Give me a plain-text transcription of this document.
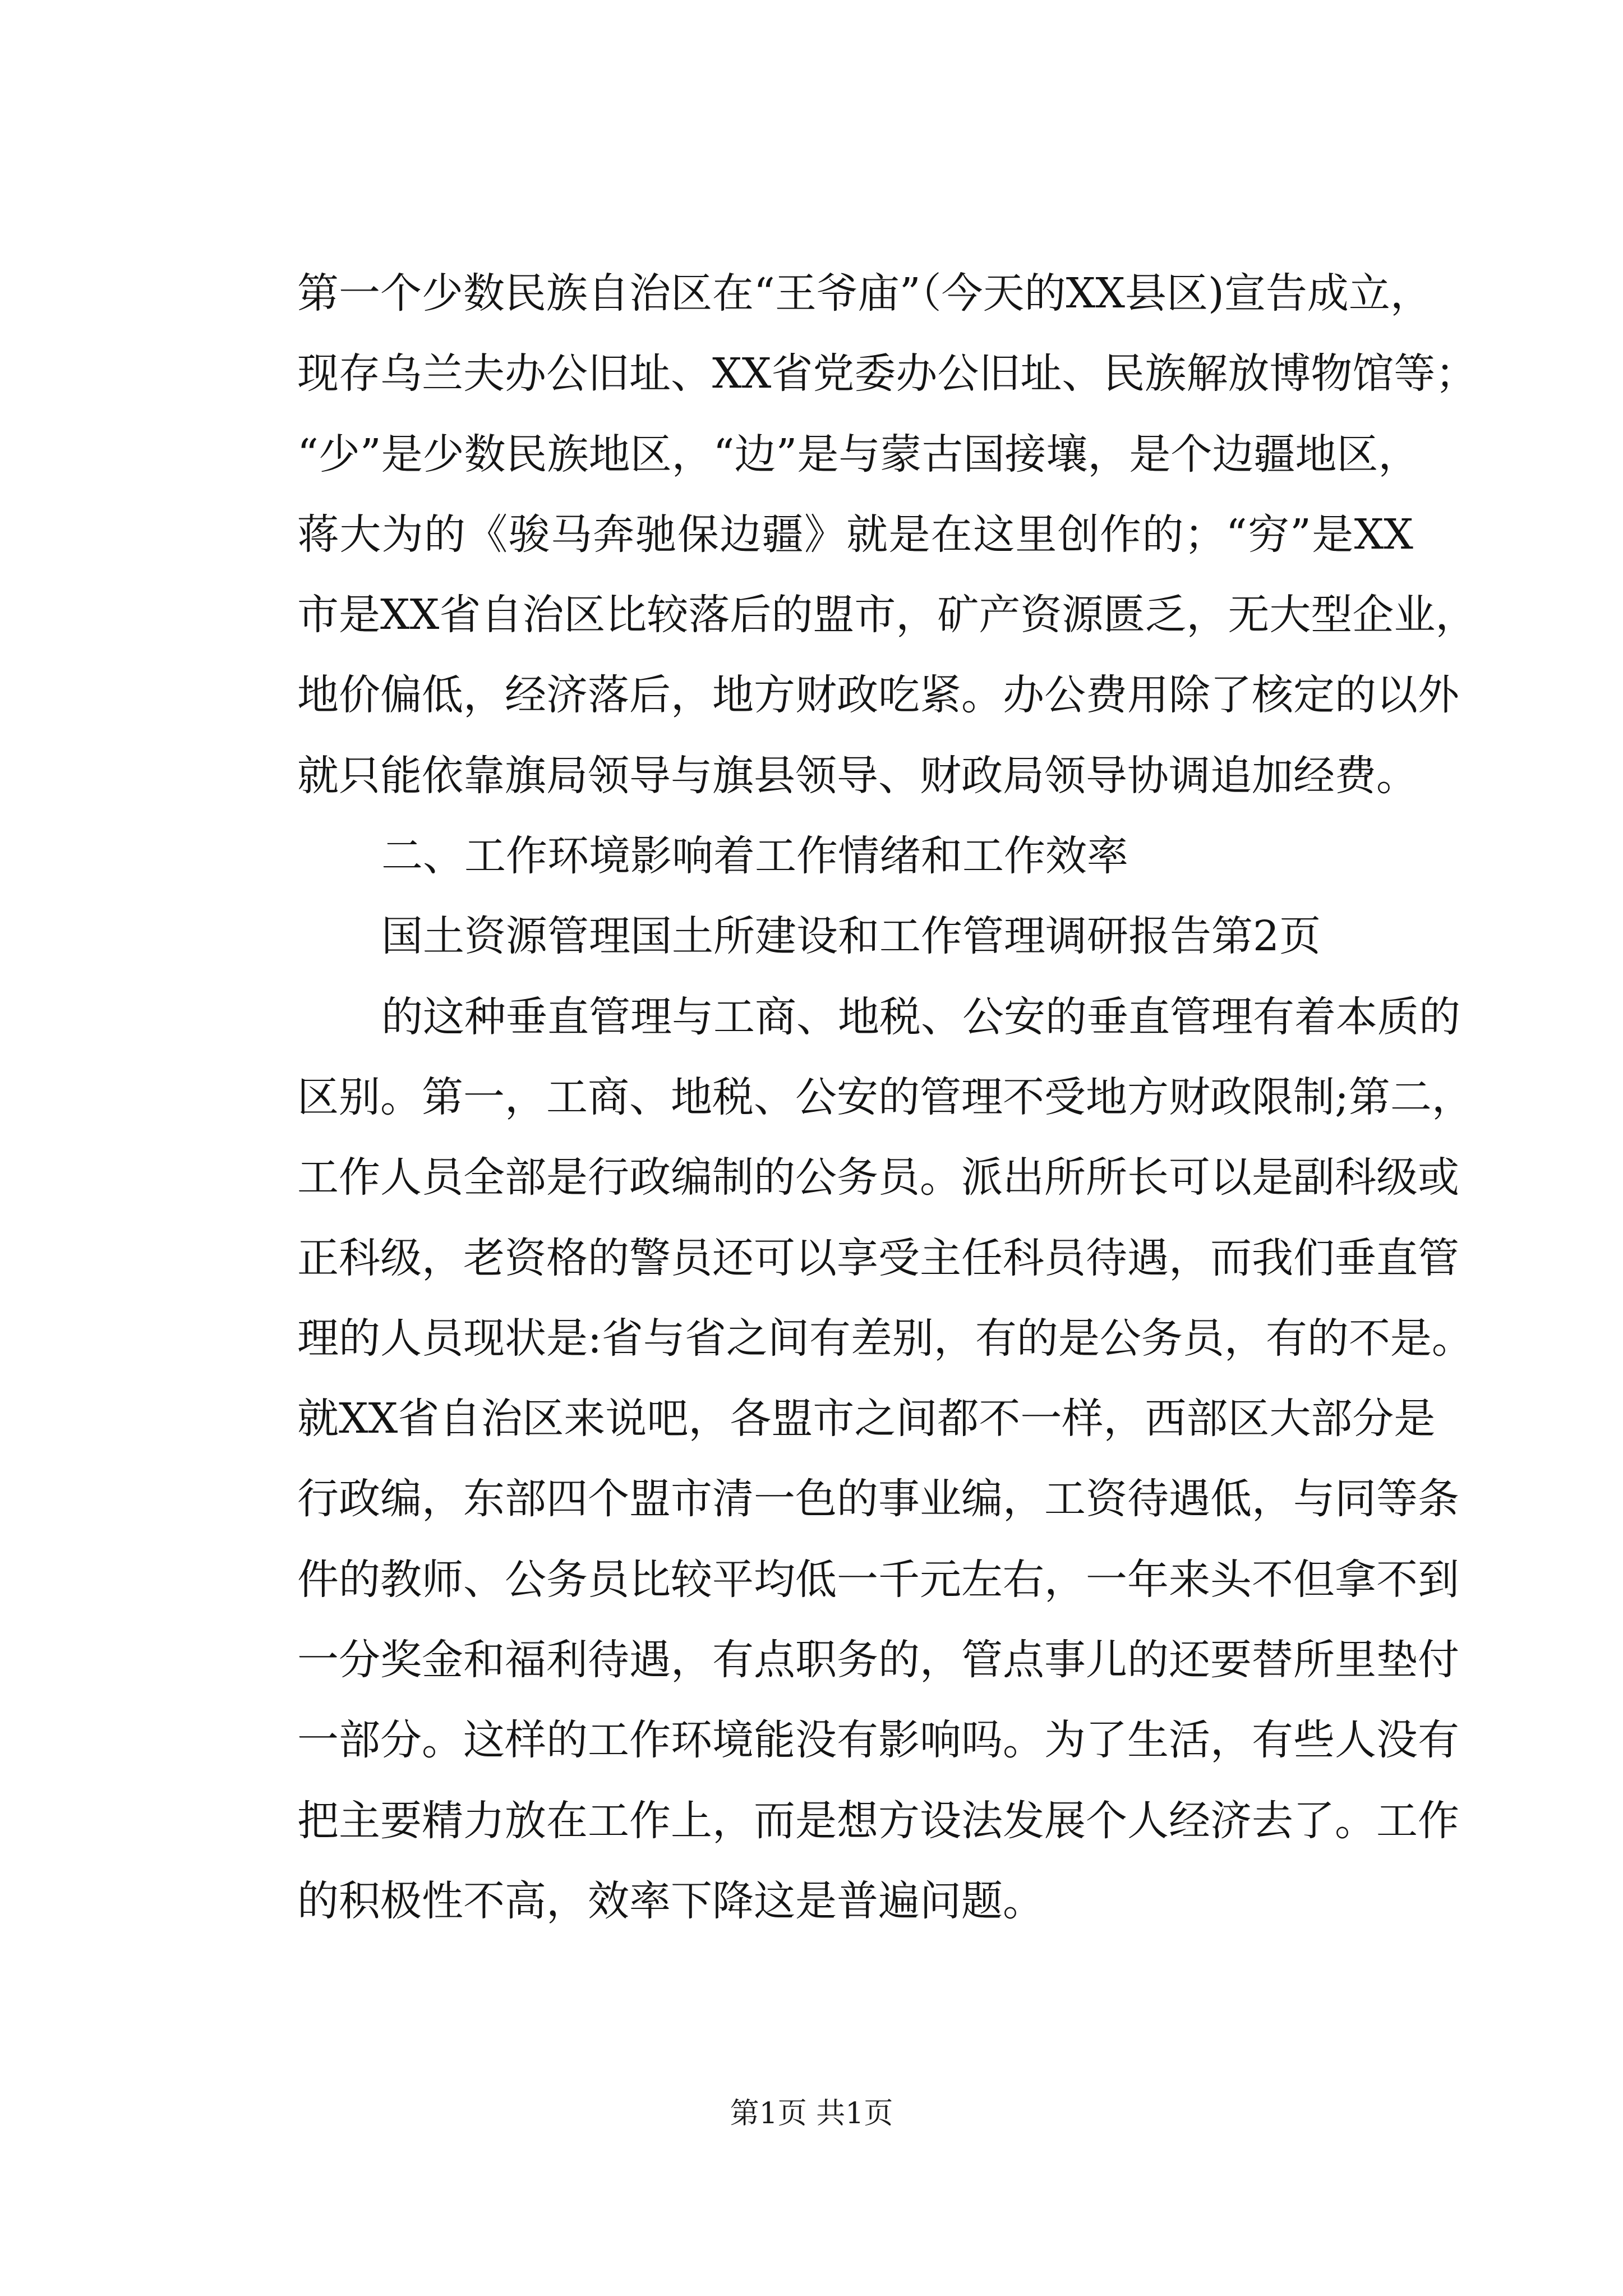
第一个少数民族自治区在“王爷庙”（今天的XX县区)宣告成立，
现存乌兰夫办公旧址、XX省党委办公旧址、民族解放博物馆等；
“少”是少数民族地区，“边”是与蒙古国接壤，是个边疆地区，
蒋大为的《骏马奔驰保边疆》就是在这里创作的；“穷”是XX
市是XX省自治区比较落后的盟市，矿产资源匮乏，无大型企业，
地价偏低，经济落后，地方财政吃紧。办公费用除了核定的以外
就只能依靠旗局领导与旗县领导、财政局领导协调追加经费。
二、工作环境影响着工作情绪和工作效率
国土资源管理国土所建设和工作管理调研报告第2页
的这种垂直管理与工商、地税、公安的垂直管理有着本质的
区别。第一，工商、地税、公安的管理不受地方财政限制;第二，
工作人员全部是行政编制的公务员。派出所所长可以是副科级或
正科级，老资格的警员还可以享受主任科员待遇，而我们垂直管
理的人员现状是:省与省之间有差别，有的是公务员，有的不是。
就XX省自治区来说吧，各盟市之间都不一样，西部区大部分是
行政编，东部四个盟市清一色的事业编，工资待遇低，与同等条
件的教师、公务员比较平均低一千元左右，一年来头不但拿不到
一分奖金和福利待遇，有点职务的，管点事儿的还要替所里垫付
一部分。这样的工作环境能没有影响吗。为了生活，有些人没有
把主要精力放在工作上，而是想方设法发展个人经济去了。工作
的积极性不高，效率下降这是普遍问题。
第1页 共1页
